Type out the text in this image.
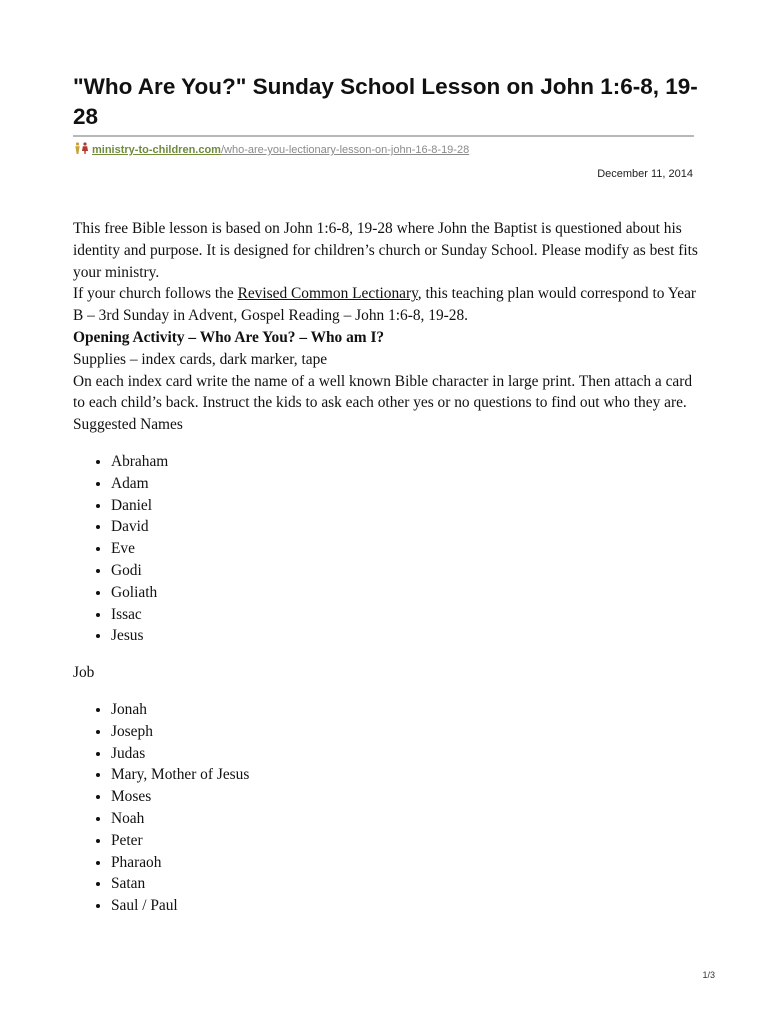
"Who Are You?" Sunday School Lesson on John 1:6-8, 19-28
ministry-to-children.com/who-are-you-lectionary-lesson-on-john-16-8-19-28
December 11, 2014

This free Bible lesson is based on John 1:6-8, 19-28 where John the Baptist is questioned about his identity and purpose. It is designed for children’s church or Sunday School. Please modify as best fits your ministry.

If your church follows the Revised Common Lectionary, this teaching plan would correspond to Year B – 3rd Sunday in Advent, Gospel Reading – John 1:6-8, 19-28.

Opening Activity – Who Are You? – Who am I?

Supplies – index cards, dark marker, tape

On each index card write the name of a well known Bible character in large print. Then attach a card to each child’s back. Instruct the kids to ask each other yes or no questions to find out who they are.

Suggested Names

• Abraham
• Adam
• Daniel
• David
• Eve
• Godi
• Goliath
• Issac
• Jesus

Job

• Jonah
• Joseph
• Judas
• Mary, Mother of Jesus
• Moses
• Noah
• Peter
• Pharaoh
• Satan
• Saul / Paul
1/3
